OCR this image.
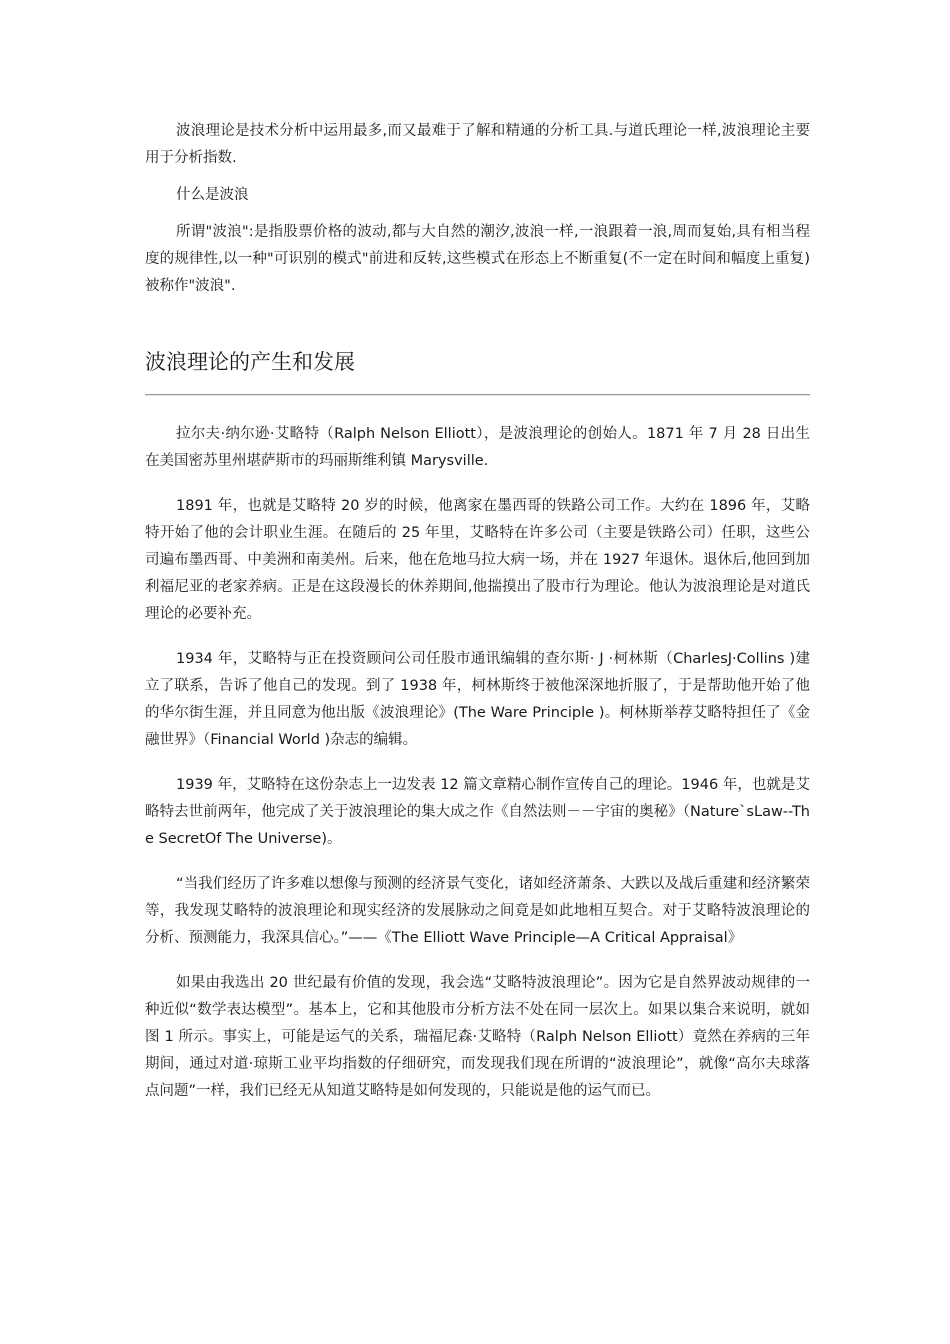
波浪理论是技术分析中运用最多,而又最难于了解和精通的分析工具.与道氏理论一样,波浪理论主要用于分析指数.

什么是波浪

所谓"波浪":是指股票价格的波动,都与大自然的潮汐,波浪一样,一浪跟着一浪,周而复始,具有相当程度的规律性,以一种"可识别的模式"前进和反转,这些模式在形态上不断重复(不一定在时间和幅度上重复)被称作"波浪".

波浪理论的产生和发展

拉尔夫·纳尔逊·艾略特（Ralph Nelson Elliott），是波浪理论的创始人。1871 年 7 月 28 日出生在美国密苏里州堪萨斯市的玛丽斯维利镇 Marysville.

1891 年，也就是艾略特 20 岁的时候，他离家在墨西哥的铁路公司工作。大约在 1896 年，艾略特开始了他的会计职业生涯。在随后的 25 年里，艾略特在许多公司（主要是铁路公司）任职，这些公司遍布墨西哥、中美洲和南美州。后来，他在危地马拉大病一场，并在 1927 年退休。退休后,他回到加利福尼亚的老家养病。正是在这段漫长的休养期间,他揣摸出了股市行为理论。他认为波浪理论是对道氏理论的必要补充。

1934 年，艾略特与正在投资顾问公司任股市通讯编辑的查尔斯· J ·柯林斯（CharlesJ·Collins )建立了联系，告诉了他自己的发现。到了 1938 年，柯林斯终于被他深深地折服了，于是帮助他开始了他的华尔街生涯，并且同意为他出版《波浪理论》(The Ware Principle )。柯林斯举荐艾略特担任了《金融世界》（Financial World )杂志的编辑。

1939 年，艾略特在这份杂志上一边发表 12 篇文章精心制作宣传自己的理论。1946 年，也就是艾略特去世前两年，他完成了关于波浪理论的集大成之作《自然法则－－宇宙的奥秘》（Nature`sLaw--The SecretOf The Universe)。

“当我们经历了许多难以想像与预测的经济景气变化，诸如经济萧条、大跌以及战后重建和经济繁荣等，我发现艾略特的波浪理论和现实经济的发展脉动之间竟是如此地相互契合。对于艾略特波浪理论的分析、预测能力，我深具信心。”——《The Elliott Wave Principle—A Critical Appraisal》

如果由我选出 20 世纪最有价值的发现，我会选“艾略特波浪理论”。因为它是自然界波动规律的一种近似“数学表达模型”。基本上，它和其他股市分析方法不处在同一层次上。如果以集合来说明，就如图 1 所示。事实上，可能是运气的关系，瑞福尼森·艾略特（Ralph Nelson Elliott）竟然在养病的三年期间，通过对道·琼斯工业平均指数的仔细研究，而发现我们现在所谓的“波浪理论”，就像“高尔夫球落点问题”一样，我们已经无从知道艾略特是如何发现的，只能说是他的运气而已。
